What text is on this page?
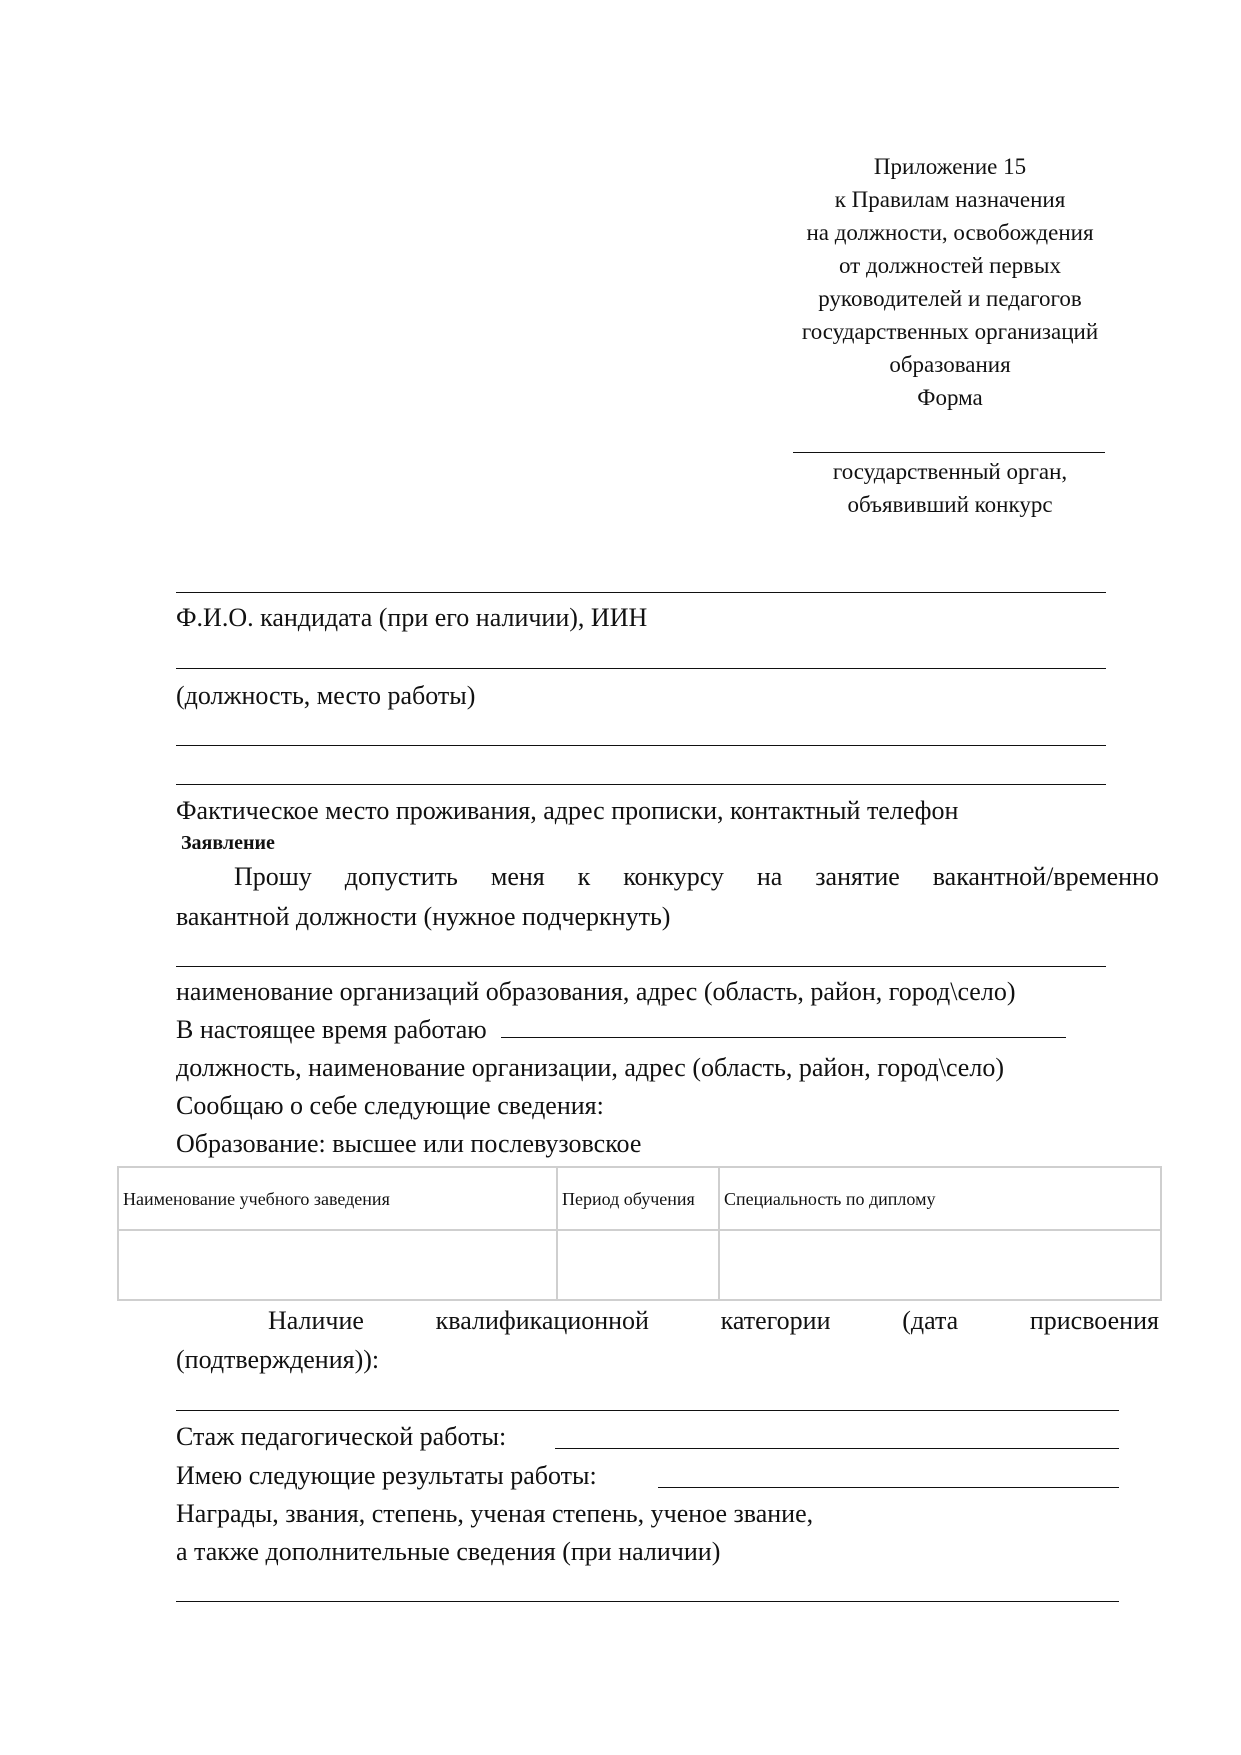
Приложение 15
к Правилам назначения
на должности, освобождения
от должностей первых
руководителей и педагогов
государственных организаций
образования
Форма
государственный орган,
объявивший конкурс
Ф.И.О. кандидата (при его наличии), ИИН
(должность, место работы)
Фактическое место проживания, адрес прописки, контактный телефон
Заявление
Прошу допустить меня к конкурсу на занятие вакантной/временно
вакантной должности (нужное подчеркнуть)
наименование организаций образования, адрес (область, район, город\село)
В настоящее время работаю
должность, наименование организации, адрес (область, район, город\село)
Сообщаю о себе следующие сведения:
Образование: высшее или послевузовское
Наименование учебного заведения	Период обучения	Специальность по диплому

Наличие	квалификационной	категории	(дата	присвоения
(подтверждения)):
Стаж педагогической работы:
Имею следующие результаты работы:
Награды, звания, степень, ученая степень, ученое звание,
а также дополнительные сведения (при наличии)
